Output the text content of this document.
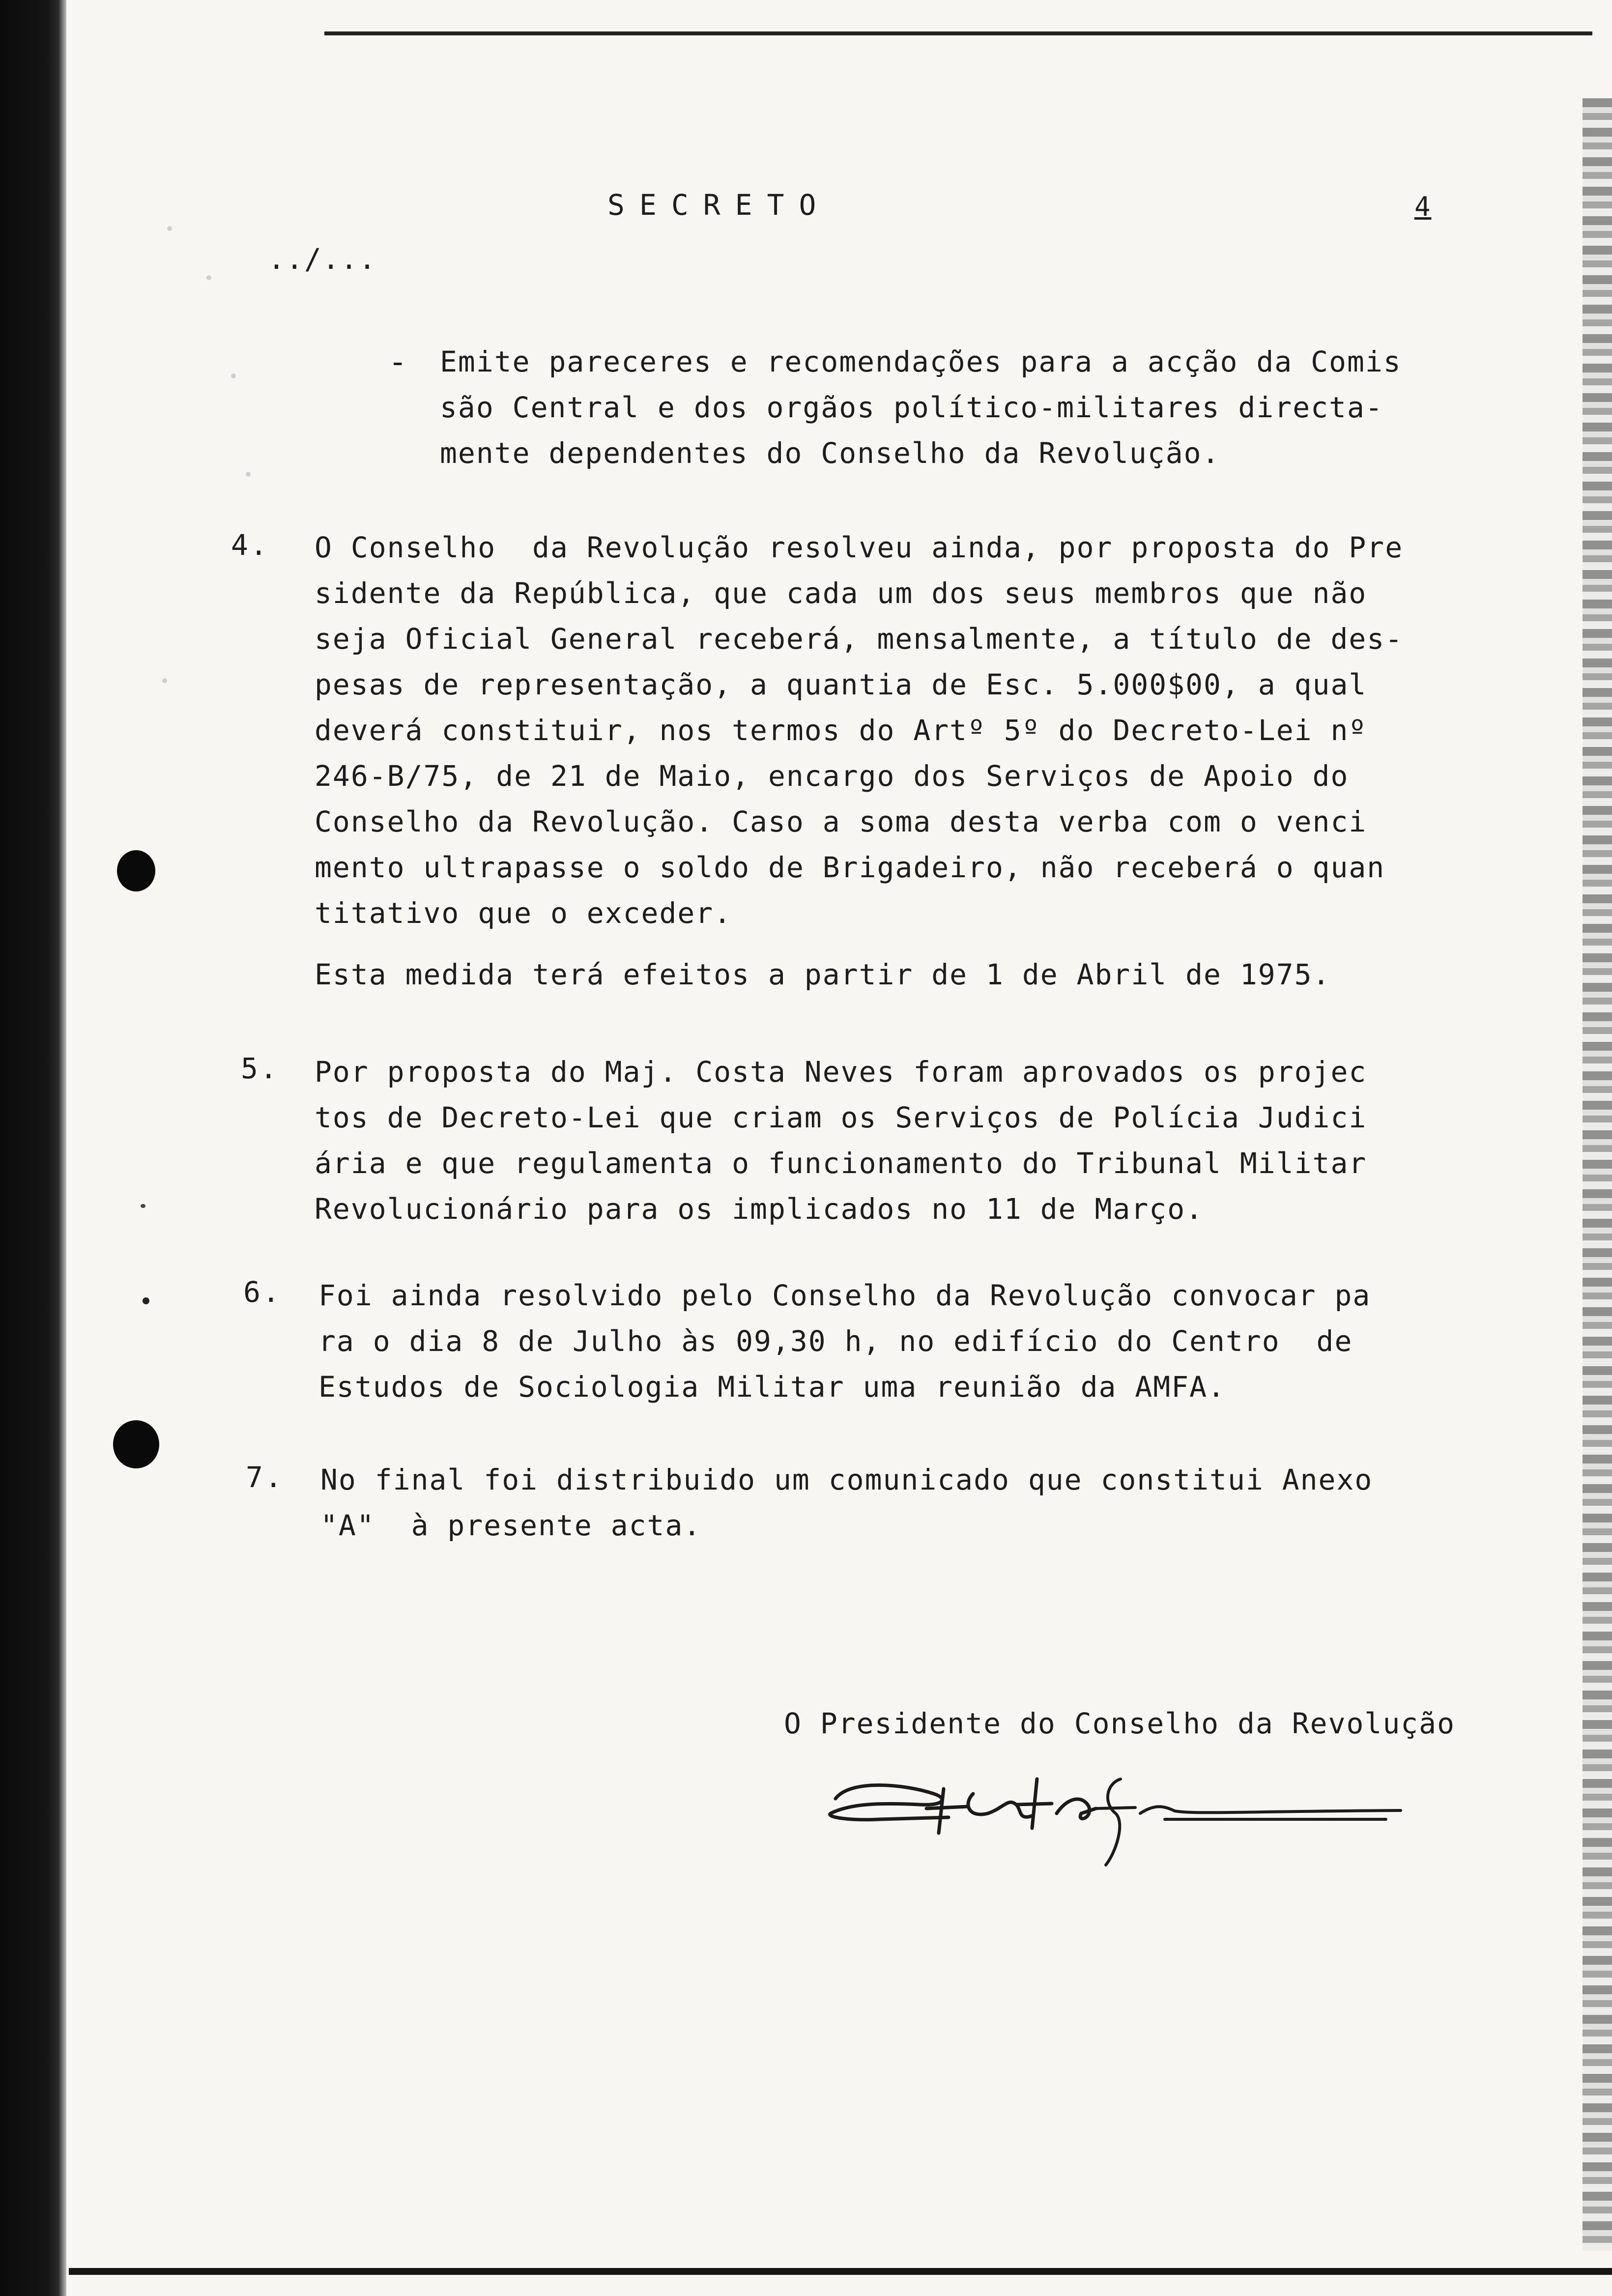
SECRETO	4
../...
- Emite pareceres e recomendações para a acção da Comis
são Central e dos orgãos político-militares directa-
mente dependentes do Conselho da Revolução.
4. O Conselho  da Revolução resolveu ainda, por proposta do Pre
sidente da República, que cada um dos seus membros que não
seja Oficial General receberá, mensalmente, a título de des-
pesas de representação, a quantia de Esc. 5.000$00, a qual
deverá constituir, nos termos do Artº 5º do Decreto-Lei nº
246-B/75, de 21 de Maio, encargo dos Serviços de Apoio do
Conselho da Revolução. Caso a soma desta verba com o venci
mento ultrapasse o soldo de Brigadeiro, não receberá o quan
titativo que o exceder.
Esta medida terá efeitos a partir de 1 de Abril de 1975.
5. Por proposta do Maj. Costa Neves foram aprovados os projec
tos de Decreto-Lei que criam os Serviços de Polícia Judici
ária e que regulamenta o funcionamento do Tribunal Militar
Revolucionário para os implicados no 11 de Março.
6. Foi ainda resolvido pelo Conselho da Revolução convocar pa
ra o dia 8 de Julho às 09,30 h, no edifício do Centro  de
Estudos de Sociologia Militar uma reunião da AMFA.
7. No final foi distribuido um comunicado que constitui Anexo
"A"  à presente acta.
O Presidente do Conselho da Revolução
